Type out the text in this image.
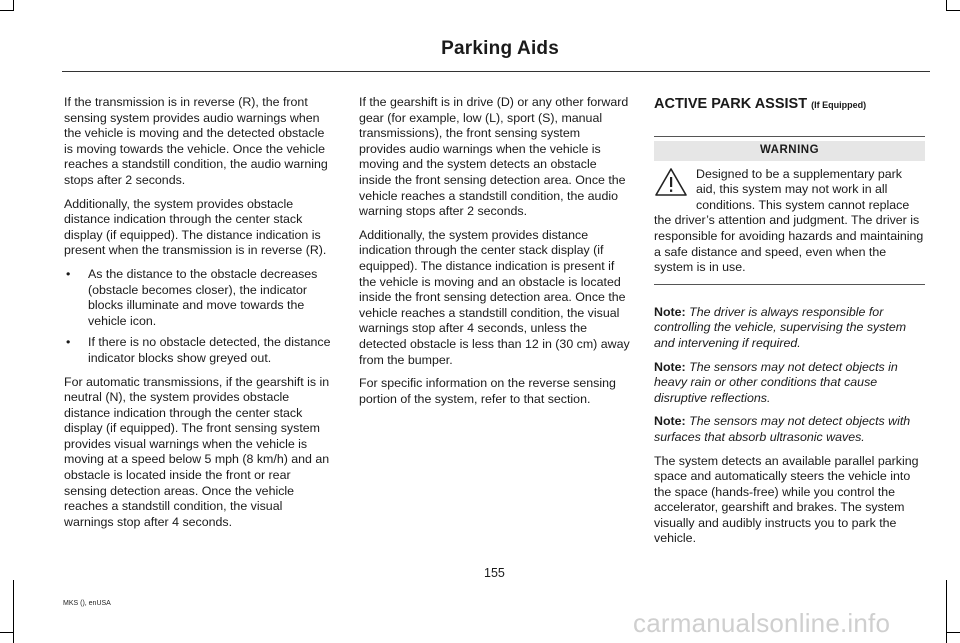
Parking Aids

If the transmission is in reverse (R), the front sensing system provides audio warnings when the vehicle is moving and the detected obstacle is moving towards the vehicle. Once the vehicle reaches a standstill condition, the audio warning stops after 2 seconds.

Additionally, the system provides obstacle distance indication through the center stack display (if equipped). The distance indication is present when the transmission is in reverse (R).

• As the distance to the obstacle decreases (obstacle becomes closer), the indicator blocks illuminate and move towards the vehicle icon.
• If there is no obstacle detected, the distance indicator blocks show greyed out.

For automatic transmissions, if the gearshift is in neutral (N), the system provides obstacle distance indication through the center stack display (if equipped). The front sensing system provides visual warnings when the vehicle is moving at a speed below 5 mph (8 km/h) and an obstacle is located inside the front or rear sensing detection areas. Once the vehicle reaches a standstill condition, the visual warnings stop after 4 seconds.

If the gearshift is in drive (D) or any other forward gear (for example, low (L), sport (S), manual transmissions), the front sensing system provides audio warnings when the vehicle is moving and the system detects an obstacle inside the front sensing detection area. Once the vehicle reaches a standstill condition, the audio warning stops after 2 seconds.

Additionally, the system provides distance indication through the center stack display (if equipped). The distance indication is present if the vehicle is moving and an obstacle is located inside the front sensing detection area. Once the vehicle reaches a standstill condition, the visual warnings stop after 4 seconds, unless the detected obstacle is less than 12 in (30 cm) away from the bumper.

For specific information on the reverse sensing portion of the system, refer to that section.

ACTIVE PARK ASSIST (If Equipped)
WARNING
Designed to be a supplementary park aid, this system may not work in all conditions. This system cannot replace the driver’s attention and judgment. The driver is responsible for avoiding hazards and maintaining a safe distance and speed, even when the system is in use.

Note: The driver is always responsible for controlling the vehicle, supervising the system and intervening if required.

Note: The sensors may not detect objects in heavy rain or other conditions that cause disruptive reflections.

Note: The sensors may not detect objects with surfaces that absorb ultrasonic waves.

The system detects an available parallel parking space and automatically steers the vehicle into the space (hands-free) while you control the accelerator, gearshift and brakes. The system visually and audibly instructs you to park the vehicle.

155
MKS (), enUSA
carmanualsonline.info
